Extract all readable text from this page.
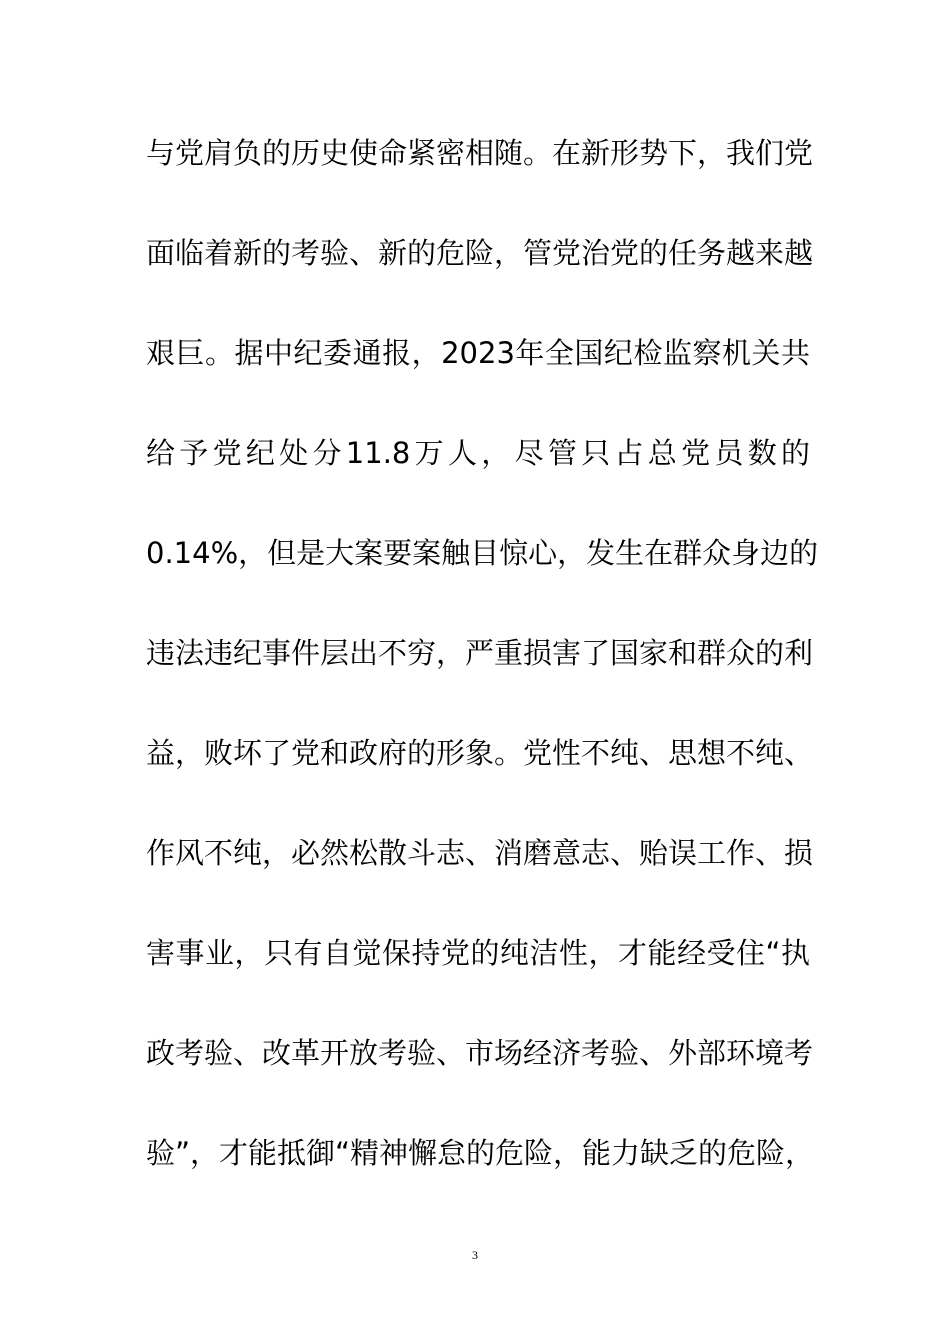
与党肩负的历史使命紧密相随。在新形势下，我们党
面临着新的考验、新的危险，管党治党的任务越来越
艰巨。据中纪委通报，2023年全国纪检监察机关共
给予党纪处分11.8万人，尽管只占总党员数的
0.14%，但是大案要案触目惊心，发生在群众身边的
违法违纪事件层出不穷，严重损害了国家和群众的利
益，败坏了党和政府的形象。党性不纯、思想不纯、
作风不纯，必然松散斗志、消磨意志、贻误工作、损
害事业，只有自觉保持党的纯洁性，才能经受住“执
政考验、改革开放考验、市场经济考验、外部环境考
验”，才能抵御“精神懈怠的危险，能力缺乏的危险，
3
